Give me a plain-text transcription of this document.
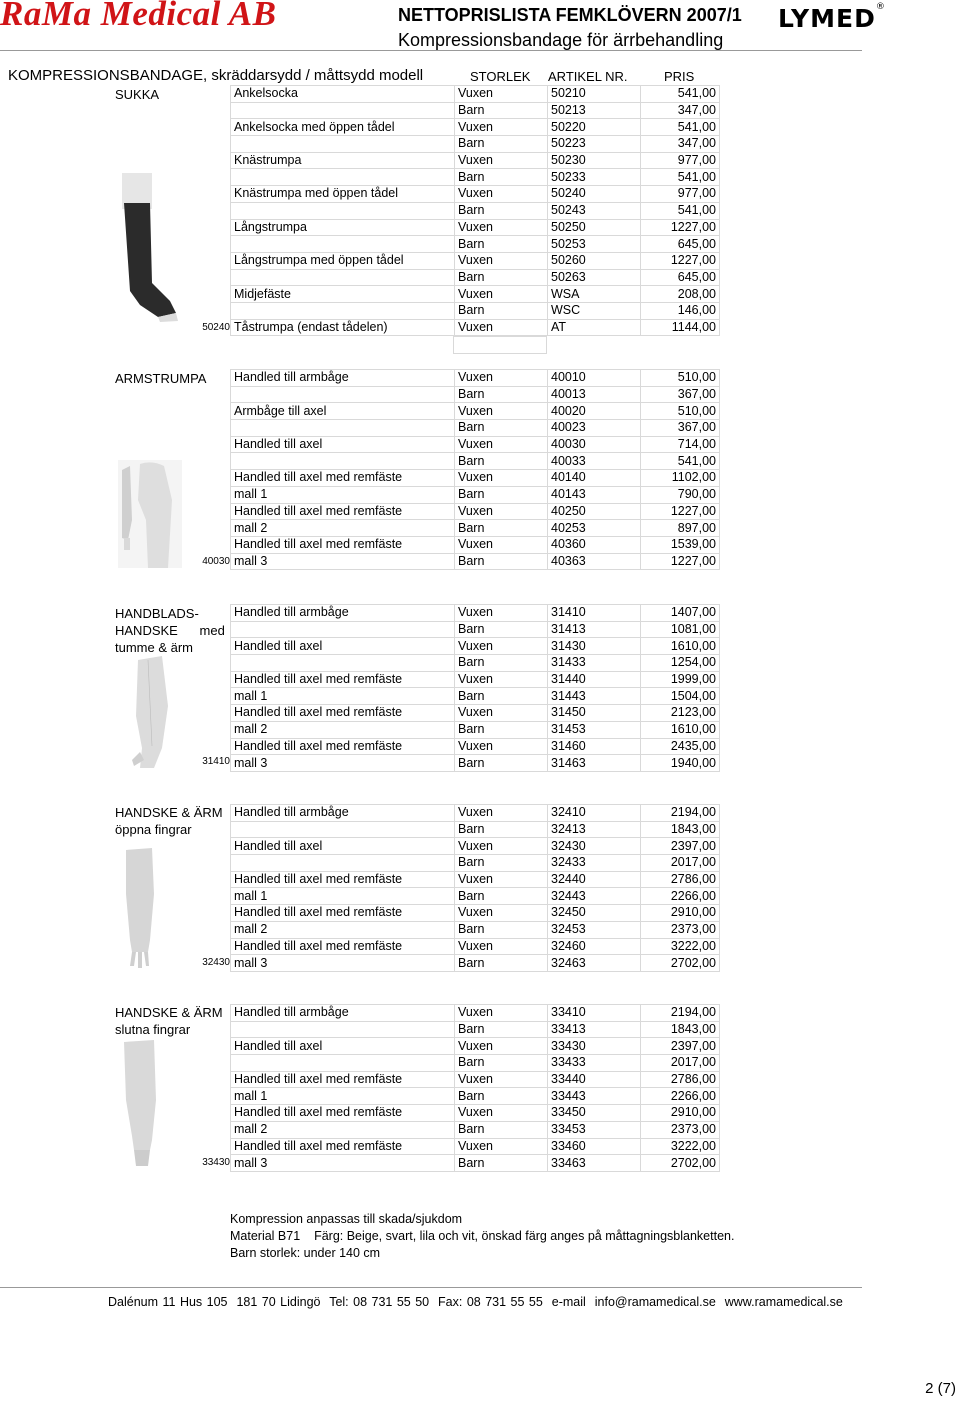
RaMa Medical AB	NETTOPRISLISTA FEMKLÖVERN 2007/1
Kompressionsbandage för ärrbehandling
LYMED®
KOMPRESSIONSBANDAGE, skräddarsydd / måttsydd modell	STORLEK ARTIKEL NR.	PRIS
SUKKA
50240
Ankelsocka	Vuxen	50210	541,00
	Barn	50213	347,00
Ankelsocka med öppen tådel	Vuxen	50220	541,00
	Barn	50223	347,00
Knästrumpa	Vuxen	50230	977,00
	Barn	50233	541,00
Knästrumpa med öppen tådel	Vuxen	50240	977,00
	Barn	50243	541,00
Långstrumpa	Vuxen	50250	1227,00
	Barn	50253	645,00
Långstrumpa med öppen tådel	Vuxen	50260	1227,00
	Barn	50263	645,00
Midjefäste	Vuxen	WSA	208,00
	Barn	WSC	146,00
Tåstrumpa (endast tådelen)	Vuxen	AT	1144,00
ARMSTRUMPA
40030
Handled till armbåge	Vuxen	40010	510,00
	Barn	40013	367,00
Armbåge till axel	Vuxen	40020	510,00
	Barn	40023	367,00
Handled till axel	Vuxen	40030	714,00
	Barn	40033	541,00
Handled till axel med remfäste	Vuxen	40140	1102,00
mall 1	Barn	40143	790,00
Handled till axel med remfäste	Vuxen	40250	1227,00
mall 2	Barn	40253	897,00
Handled till axel med remfäste	Vuxen	40360	1539,00
mall 3	Barn	40363	1227,00
HANDBLADS-
HANDSKE      med
tumme & ärm
31410
Handled till armbåge	Vuxen	31410	1407,00
	Barn	31413	1081,00
Handled till axel	Vuxen	31430	1610,00
	Barn	31433	1254,00
Handled till axel med remfäste	Vuxen	31440	1999,00
mall 1	Barn	31443	1504,00
Handled till axel med remfäste	Vuxen	31450	2123,00
mall 2	Barn	31453	1610,00
Handled till axel med remfäste	Vuxen	31460	2435,00
mall 3	Barn	31463	1940,00
HANDSKE & ÄRM
öppna fingrar
32430
Handled till armbåge	Vuxen	32410	2194,00
	Barn	32413	1843,00
Handled till axel	Vuxen	32430	2397,00
	Barn	32433	2017,00
Handled till axel med remfäste	Vuxen	32440	2786,00
mall 1	Barn	32443	2266,00
Handled till axel med remfäste	Vuxen	32450	2910,00
mall 2	Barn	32453	2373,00
Handled till axel med remfäste	Vuxen	32460	3222,00
mall 3	Barn	32463	2702,00
HANDSKE & ÄRM
slutna fingrar
33430
Handled till armbåge	Vuxen	33410	2194,00
	Barn	33413	1843,00
Handled till axel	Vuxen	33430	2397,00
	Barn	33433	2017,00
Handled till axel med remfäste	Vuxen	33440	2786,00
mall 1	Barn	33443	2266,00
Handled till axel med remfäste	Vuxen	33450	2910,00
mall 2	Barn	33453	2373,00
Handled till axel med remfäste	Vuxen	33460	3222,00
mall 3	Barn	33463	2702,00
Kompression anpassas till skada/sjukdom
Material B71    Färg: Beige, svart, lila och vit, önskad färg anges på måttagningsblanketten.
Barn storlek: under 140 cm
Dalénum 11 Hus 105  181 70 Lidingö  Tel: 08 731 55 50  Fax: 08 731 55 55  e-mail  info@ramamedical.se  www.ramamedical.se
2 (7)
